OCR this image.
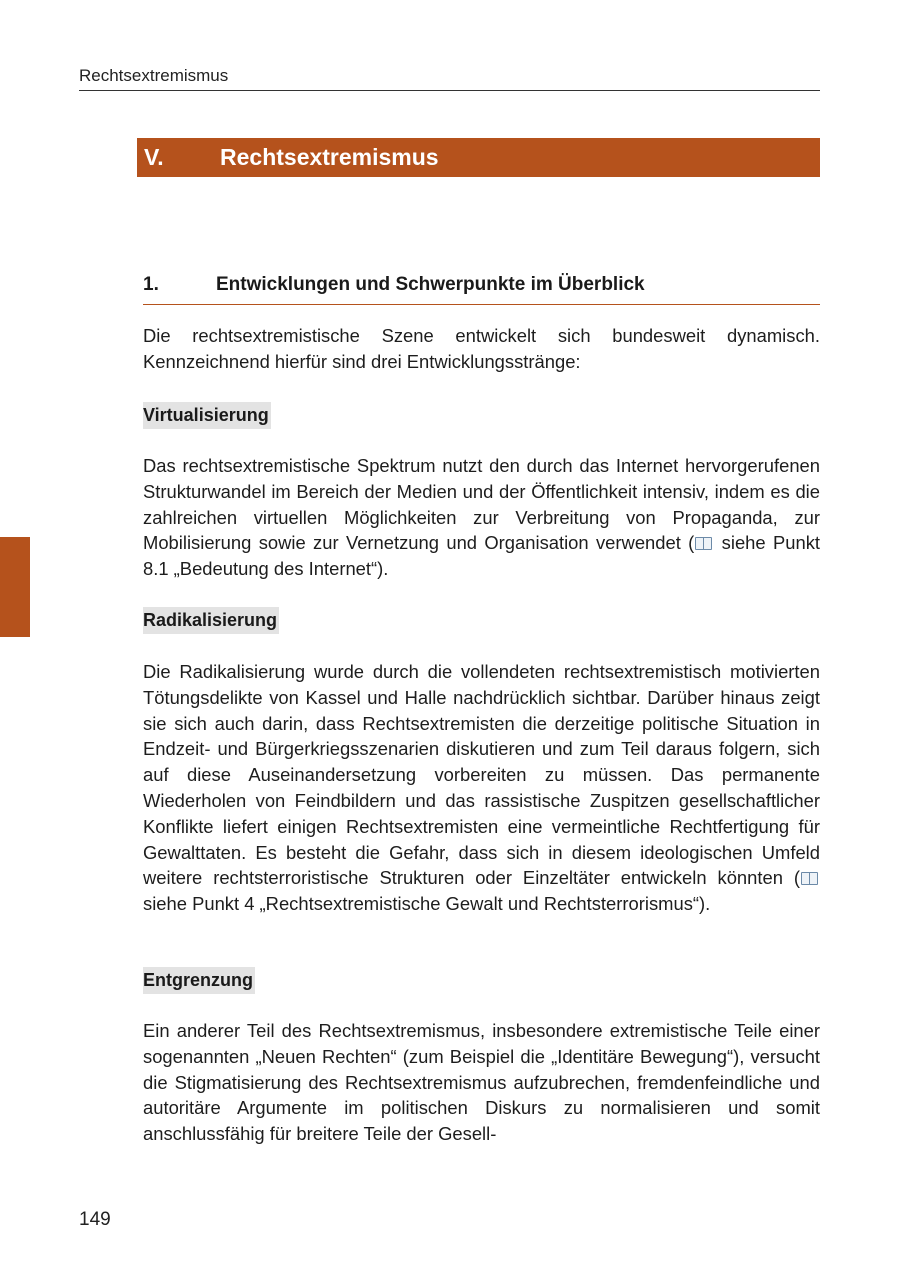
Rechtsextremismus
V. Rechtsextremismus
1.	Entwicklungen und Schwerpunkte im Überblick
Die rechtsextremistische Szene entwickelt sich bundesweit dynamisch. Kennzeichnend hierfür sind drei Entwicklungsstränge:
Virtualisierung
Das rechtsextremistische Spektrum nutzt den durch das Internet hervorgerufenen Strukturwandel im Bereich der Medien und der Öffentlichkeit intensiv, indem es die zahlreichen virtuellen Möglichkeiten zur Verbreitung von Propaganda, zur Mobilisierung sowie zur Vernetzung und Organisation verwendet ( siehe Punkt 8.1 „Bedeutung des Internet“).
Radikalisierung
Die Radikalisierung wurde durch die vollendeten rechtsextremistisch motivierten Tötungsdelikte von Kassel und Halle nachdrücklich sichtbar. Darüber hinaus zeigt sie sich auch darin, dass Rechtsextremisten die derzeitige politische Situation in Endzeit- und Bürgerkriegsszenarien diskutieren und zum Teil daraus folgern, sich auf diese Auseinandersetzung vorbereiten zu müssen. Das permanente Wiederholen von Feindbildern und das rassistische Zuspitzen gesellschaftlicher Konflikte liefert einigen Rechtsextremisten eine vermeintliche Rechtfertigung für Gewalttaten. Es besteht die Gefahr, dass sich in diesem ideologischen Umfeld weitere rechtsterroristische Strukturen oder Einzeltäter entwickeln könnten ( siehe Punkt 4 „Rechtsextremistische Gewalt und Rechtsterrorismus“).
Entgrenzung
Ein anderer Teil des Rechtsextremismus, insbesondere extremistische Teile einer sogenannten „Neuen Rechten“ (zum Beispiel die „Identitäre Bewegung“), versucht die Stigmatisierung des Rechtsextremismus aufzubrechen, fremdenfeindliche und autoritäre Argumente im politischen Diskurs zu normalisieren und somit anschlussfähig für breitere Teile der Gesell-
149
